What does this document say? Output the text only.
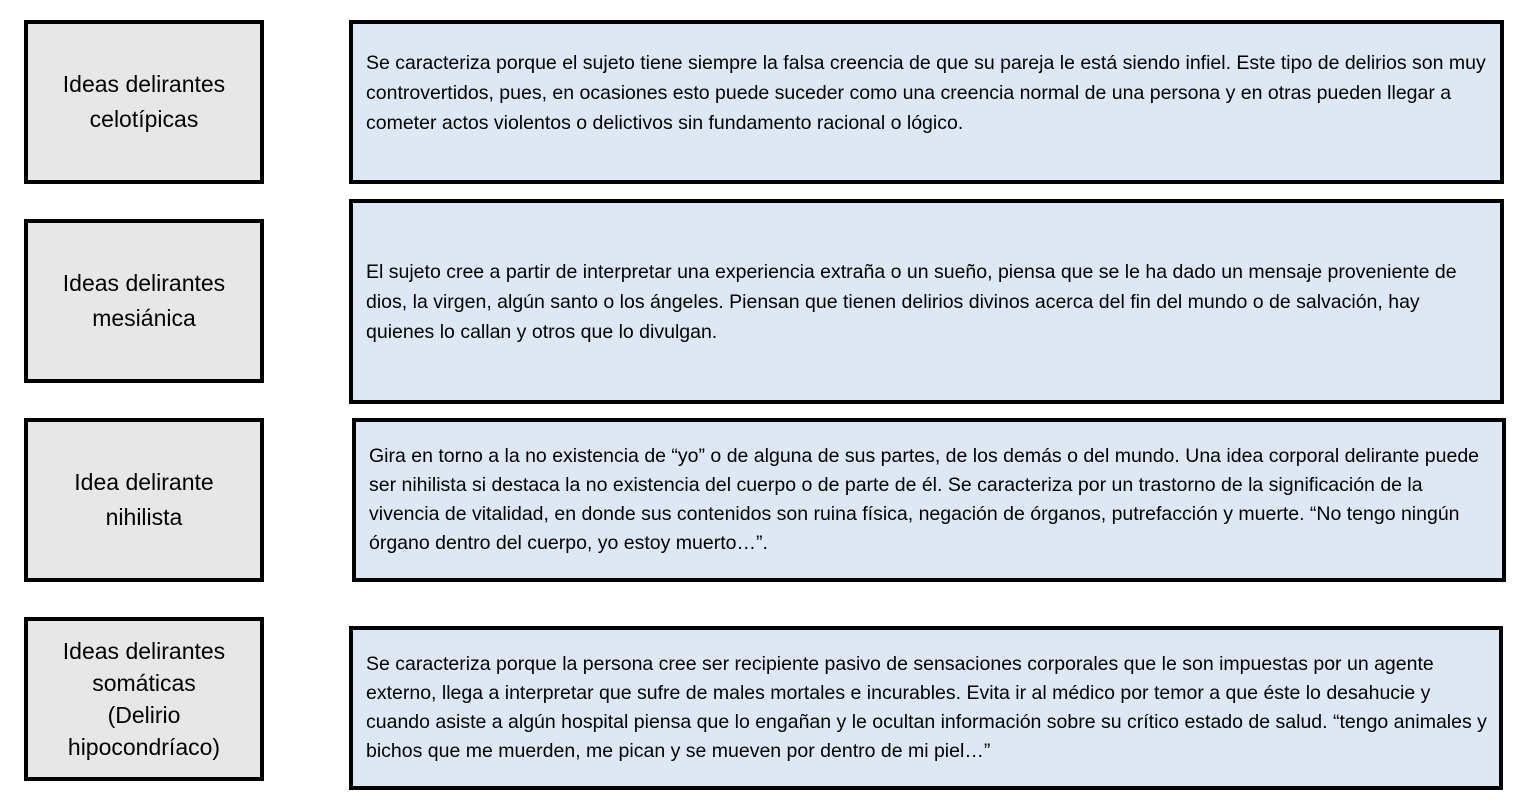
Ideas delirantes
celotípicas
Se caracteriza porque el sujeto tiene siempre la falsa creencia de que su pareja le está siendo infiel. Este tipo de delirios son muy controvertidos, pues, en ocasiones esto puede suceder como una creencia normal de una persona y en otras pueden llegar a cometer actos violentos o delictivos sin fundamento racional o lógico.
Ideas delirantes
mesiánica
El sujeto cree a partir de interpretar una experiencia extraña o un sueño, piensa que se le ha dado un mensaje proveniente de dios, la virgen, algún santo o los ángeles. Piensan que tienen delirios divinos acerca del fin del mundo o de salvación, hay quienes lo callan y otros que lo divulgan.
Idea delirante
nihilista
Gira en torno a la no existencia de “yo” o de alguna de sus partes, de los demás o del mundo. Una idea corporal delirante puede ser nihilista si destaca la no existencia del cuerpo o de parte de él. Se caracteriza por un trastorno de la significación de la vivencia de vitalidad, en donde sus contenidos son ruina física, negación de órganos, putrefacción y muerte. “No tengo ningún órgano dentro del cuerpo, yo estoy muerto…”.
Ideas delirantes
somáticas
(Delirio
hipocondríaco)
Se caracteriza porque la persona cree ser recipiente pasivo de sensaciones corporales que le son impuestas por un agente externo, llega a interpretar que sufre de males mortales e incurables. Evita ir al médico por temor a que éste lo desahucie y cuando asiste a algún hospital piensa que lo engañan y le ocultan información sobre su crítico estado de salud. “tengo animales y bichos que me muerden, me pican y se mueven por dentro de mi piel…”
